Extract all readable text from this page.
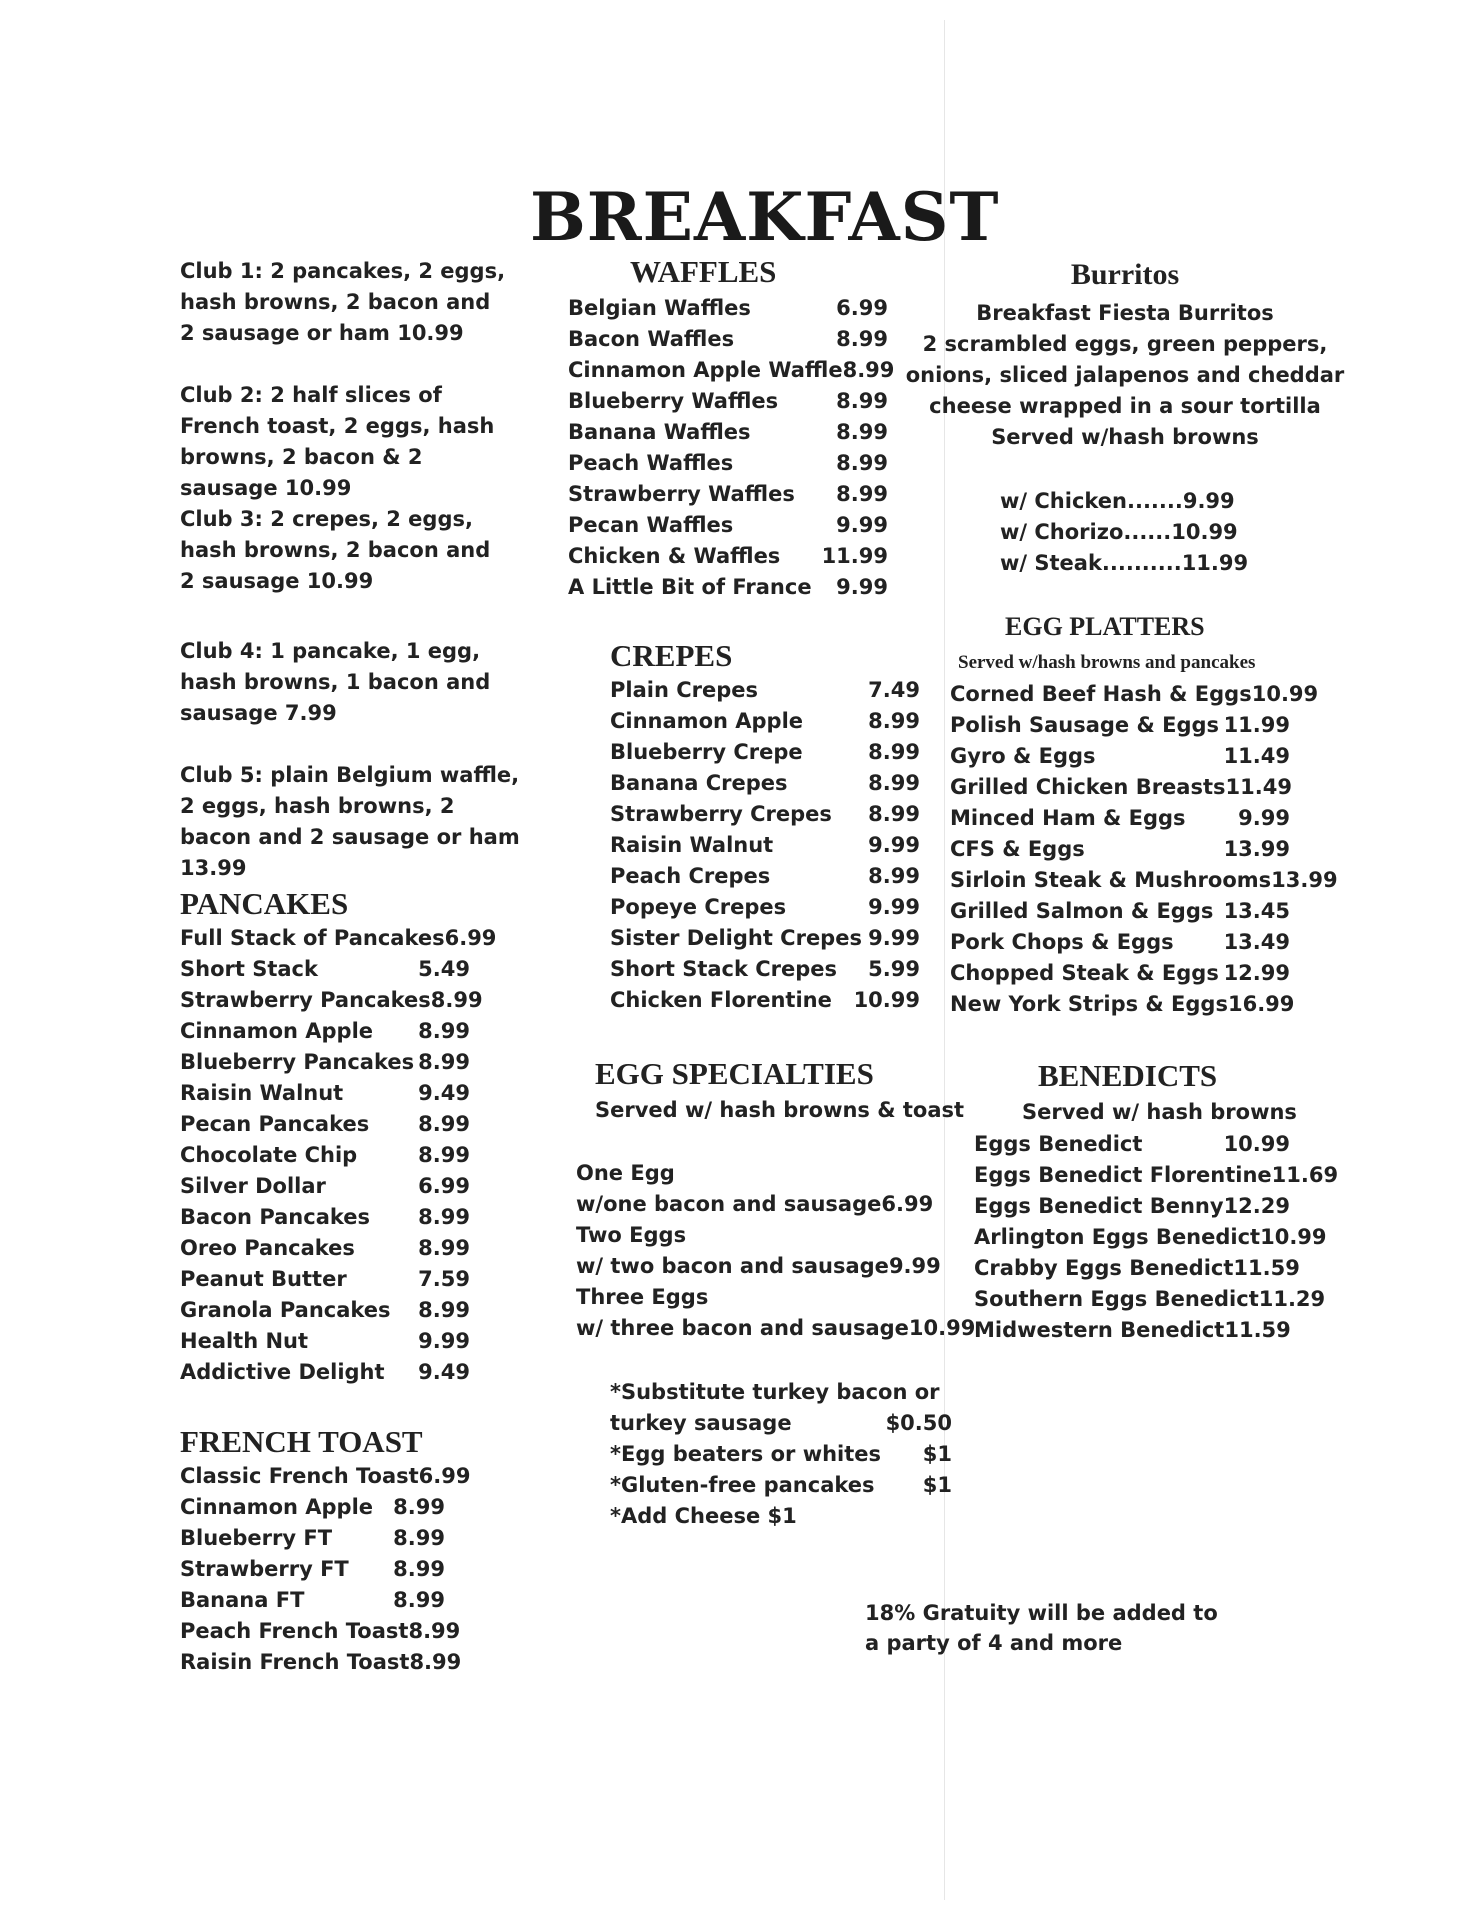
BREAKFAST
Club 1: 2 pancakes, 2 eggs, hash browns, 2 bacon and 2 sausage or ham 10.99
Club 2: 2 half slices of French toast, 2 eggs, hash browns, 2 bacon & 2 sausage 10.99
Club 3: 2 crepes, 2 eggs, hash browns, 2 bacon and 2 sausage 10.99
Club 4: 1 pancake, 1 egg, hash browns, 1 bacon and sausage 7.99
Club 5: plain Belgium waffle, 2 eggs, hash browns, 2 bacon and 2 sausage or ham 13.99
PANCAKES
Full Stack of Pancakes 6.99
Short Stack	5.49
Strawberry Pancakes 8.99
Cinnamon Apple 8.99
Blueberry Pancakes 8.99
Raisin Walnut	9.49
Pecan Pancakes 8.99
Chocolate Chip	8.99
Silver Dollar	6.99
Bacon Pancakes 8.99
Oreo Pancakes	8.99
Peanut Butter	7.59
Granola Pancakes 8.99
Health Nut	9.99
Addictive Delight 9.49
FRENCH TOAST
Classic French Toast 6.99
Cinnamon Apple 8.99
Blueberry FT	8.99
Strawberry FT 8.99
Banana FT	8.99
Peach French Toast 8.99
Raisin French Toast 8.99
WAFFLES
Belgian Waffles	6.99
Bacon Waffles	8.99
Cinnamon Apple Waffle 8.99
Blueberry Waffles	8.99
Banana Waffles	8.99
Peach Waffles	8.99
Strawberry Waffles 8.99
Pecan Waffles	9.99
Chicken & Waffles 11.99
A Little Bit of France 9.99
CREPES
Plain Crepes	7.49
Cinnamon Apple	8.99
Blueberry Crepe	8.99
Banana Crepes	8.99
Strawberry Crepes 8.99
Raisin Walnut	9.99
Peach Crepes	8.99
Popeye Crepes	9.99
Sister Delight Crepes 9.99
Short Stack Crepes 5.99
Chicken Florentine 10.99
EGG SPECIALTIES
Served w/ hash browns & toast
One Egg
w/one bacon and sausage 6.99
Two Eggs
w/ two bacon and sausage 9.99
Three Eggs
w/ three bacon and sausage 10.99
*Substitute turkey bacon or
turkey sausage	$0.50
*Egg beaters or whites $1
*Gluten-free pancakes $1
*Add Cheese $1
Burritos
Breakfast Fiesta Burritos
2 scrambled eggs, green peppers,
onions, sliced jalapenos and cheddar
cheese wrapped in a sour tortilla
Served w/hash browns
w/ Chicken.......9.99
w/ Chorizo......10.99
w/ Steak..........11.99
EGG PLATTERS
Served w/hash browns and pancakes
Corned Beef Hash & Eggs 10.99
Polish Sausage & Eggs 11.99
Gyro & Eggs	11.49
Grilled Chicken Breasts 11.49
Minced Ham & Eggs	9.99
CFS & Eggs	13.99
Sirloin Steak & Mushrooms 13.99
Grilled Salmon & Eggs 13.45
Pork Chops & Eggs 13.49
Chopped Steak & Eggs 12.99
New York Strips & Eggs 16.99
BENEDICTS
Served w/ hash browns
Eggs Benedict	10.99
Eggs Benedict Florentine 11.69
Eggs Benedict Benny 12.29
Arlington Eggs Benedict 10.99
Crabby Eggs Benedict 11.59
Southern Eggs Benedict 11.29
Midwestern Benedict 11.59
18% Gratuity will be added to
a party of 4 and more
